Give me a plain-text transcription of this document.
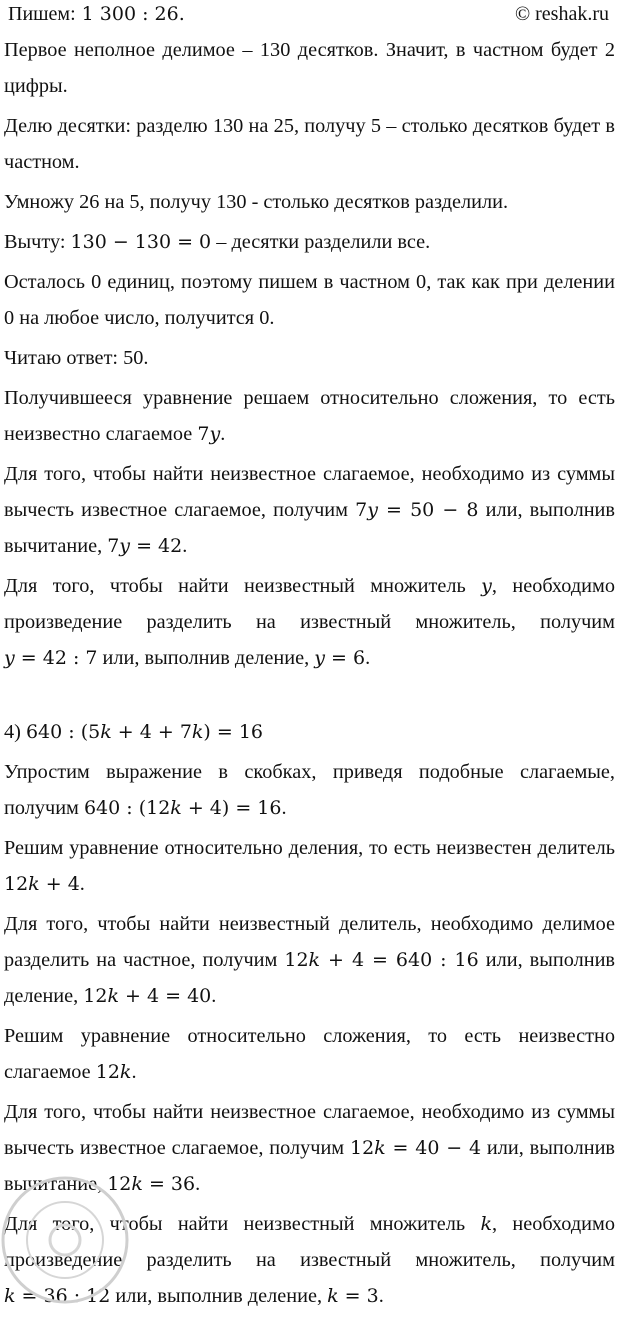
Пишем: 1 300 : 26.	© reshak.ru

Первое неполное делимое – 130 десятков. Значит, в частном будет 2 цифры.

Делю десятки: разделю 130 на 25, получу 5 – столько десятков будет в частном.

Умножу 26 на 5, получу 130 - столько десятков разделили.

Вычту: 130 − 130 = 0 – десятки разделили все.

Осталось 0 единиц, поэтому пишем в частном 0, так как при делении 0 на любое число, получится 0.

Читаю ответ: 50.

Получившееся уравнение решаем относительно сложения, то есть неизвестно слагаемое 7𝑦.

Для того, чтобы найти неизвестное слагаемое, необходимо из суммы вычесть известное слагаемое, получим 7𝑦 = 50 − 8 или, выполнив вычитание, 7𝑦 = 42.

Для того, чтобы найти неизвестный множитель 𝑦, необходимо произведение разделить на известный множитель, получим 𝑦 = 42 : 7 или, выполнив деление, 𝑦 = 6.

4) 640 : (5𝑘 + 4 + 7𝑘) = 16

Упростим выражение в скобках, приведя подобные слагаемые, получим 640 : (12𝑘 + 4) = 16.

Решим уравнение относительно деления, то есть неизвестен делитель 12𝑘 + 4.

Для того, чтобы найти неизвестный делитель, необходимо делимое разделить на частное, получим 12𝑘 + 4 = 640 : 16 или, выполнив деление, 12𝑘 + 4 = 40.

Решим уравнение относительно сложения, то есть неизвестно слагаемое 12𝑘.

Для того, чтобы найти неизвестное слагаемое, необходимо из суммы вычесть известное слагаемое, получим 12𝑘 = 40 − 4 или, выполнив вычитание, 12𝑘 = 36.

Для того, чтобы найти неизвестный множитель 𝑘, необходимо произведение разделить на известный множитель, получим 𝑘 = 36 : 12 или, выполнив деление, 𝑘 = 3.
